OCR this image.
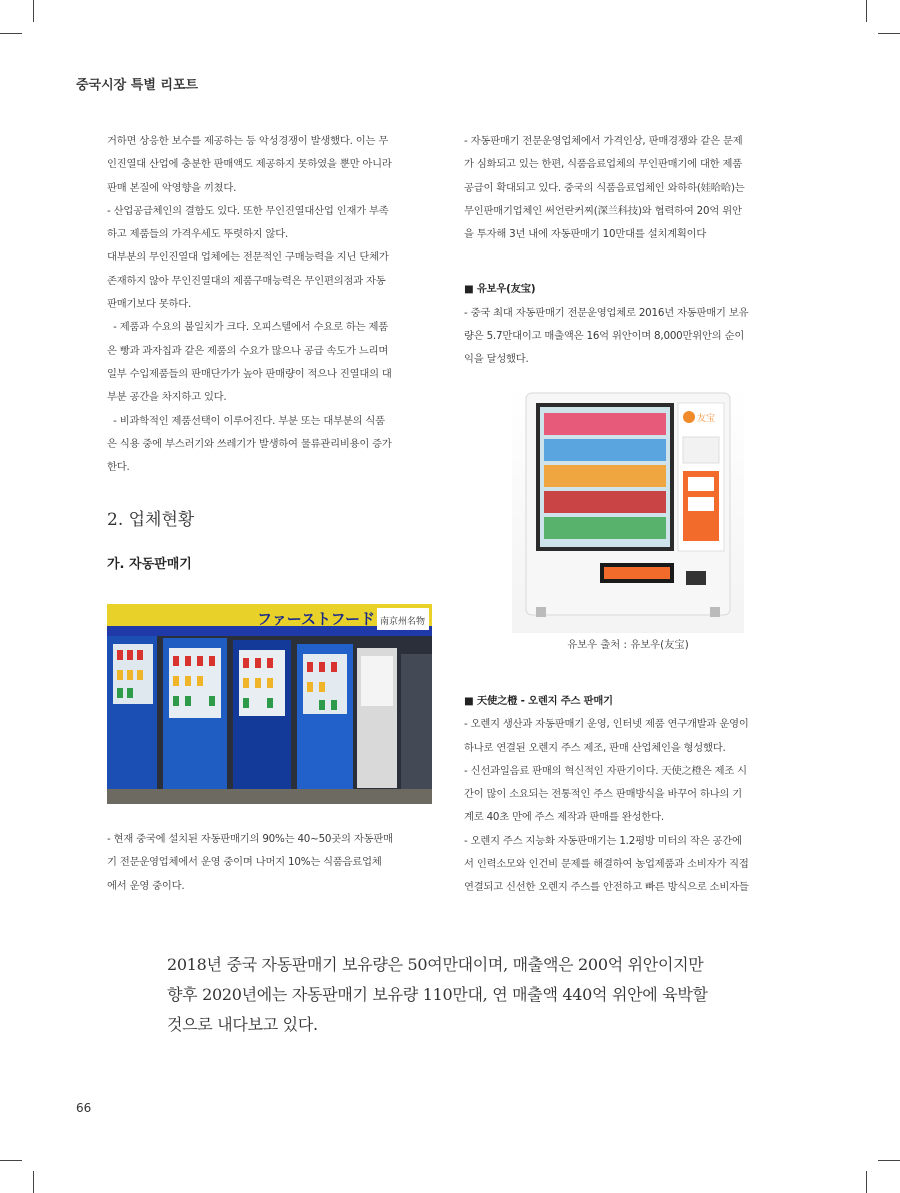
중국시장 특별 리포트

거하면 상응한 보수를 제공하는 등 악성경쟁이 발생했다. 이는 무

인진열대 산업에 충분한 판매액도 제공하지 못하였을 뿐만 아니라

판매 본질에 악영향을 끼쳤다.

- 산업공급체인의 결함도 있다. 또한 무인진열대산업 인재가 부족

하고 제품들의 가격우세도 뚜렷하지 않다.

대부분의 무인진열대 업체에는 전문적인 구매능력을 지닌 단체가

존재하지 않아 무인진열대의 제품구매능력은 무인편의점과 자동

판매기보다 못하다.

- 제품과 수요의 불일치가 크다. 오피스텔에서 수요로 하는 제품

은 빵과 과자칩과 같은 제품의 수요가 많으나 공급 속도가 느리며

일부 수입제품들의 판매단가가 높아 판매량이 적으나 진열대의 대

부분 공간을 차지하고 있다.

- 비과학적인 제품선택이 이루어진다. 부분 또는 대부분의 식품

은 식용 중에 부스러기와 쓰레기가 발생하여 물류관리비용이 증가

한다.

2. 업체현황
가. 자동판매기
ファーストフード 南京州名物

- 현재 중국에 설치된 자동판매기의 90%는 40~50곳의 자동판매

기 전문운영업체에서 운영 중이며 나머지 10%는 식품음료업체

에서 운영 중이다.

- 자동판매기 전문운영업체에서 가격인상, 판매경쟁와 같은 문제

가 심화되고 있는 한편, 식품음료업체의 무인판매기에 대한 제품

공급이 확대되고 있다. 중국의 식품음료업체인 와하하(娃哈哈)는

무인판매기업체인 써언란커찌(深兰科技)와 협력하여 20억 위안

을 투자해 3년 내에 자동판매기 10만대를 설치계획이다

■ 유보우(友宝)

- 중국 최대 자동판매기 전문운영업체로 2016년 자동판매기 보유

량은 5.7만대이고 매출액은 16억 위안이며 8,000만위안의 순이

익을 달성했다.

友宝
유보우 출처 : 유보우(友宝)

■ 天使之橙 - 오렌지 주스 판매기

- 오렌지 생산과 자동판매기 운영, 인터넷 제품 연구개발과 운영이

하나로 연결된 오렌지 주스 제조, 판매 산업체인을 형성했다.

- 신선과일음료 판매의 혁신적인 자판기이다. 天使之橙은 제조 시

간이 많이 소요되는 전통적인 주스 판매방식을 바꾸어 하나의 기

계로 40초 만에 주스 제작과 판매를 완성한다.

- 오렌지 주스 지능화 자동판매기는 1.2평방 미터의 작은 공간에

서 인력소모와 인건비 문제를 해결하여 농업제품과 소비자가 직접

연결되고 신선한 오렌지 주스를 안전하고 빠른 방식으로 소비자들

2018년 중국 자동판매기 보유량은 50여만대이며, 매출액은 200억 위안이지만

향후 2020년에는 자동판매기 보유량 110만대, 연 매출액 440억 위안에 육박할

것으로 내다보고 있다.

66
